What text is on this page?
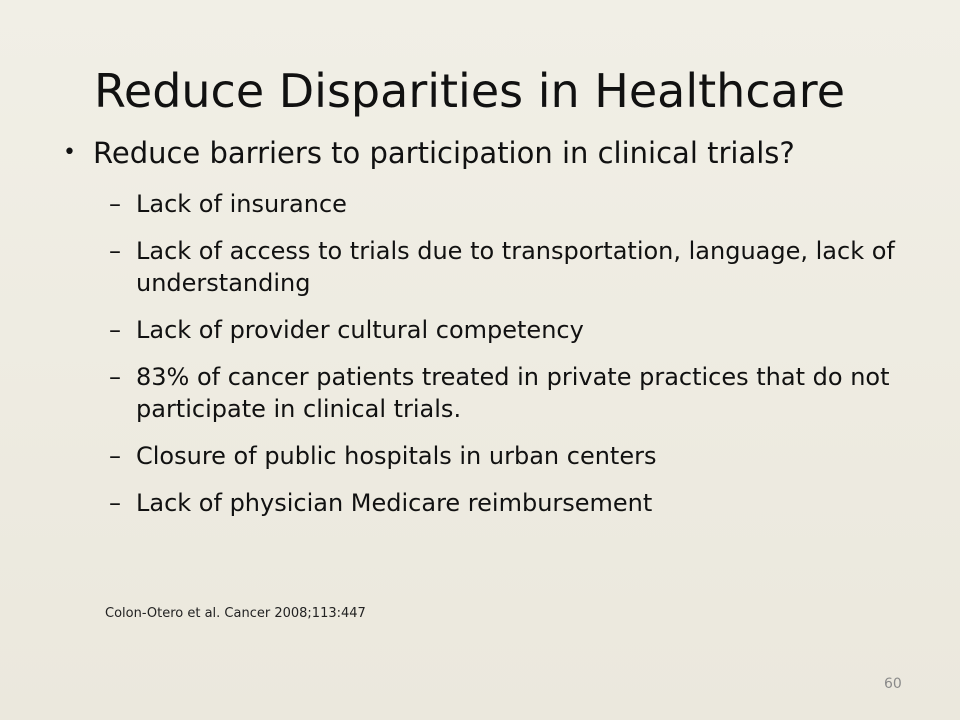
Reduce Disparities in Healthcare
• Reduce barriers to participation in clinical trials?
– Lack of insurance
– Lack of access to trials due to transportation, language, lack of understanding
– Lack of provider cultural competency
– 83% of cancer patients treated in private practices that do not participate in clinical trials.
– Closure of public hospitals in urban centers
– Lack of physician Medicare reimbursement
Colon-Otero et al. Cancer 2008;113:447
60
